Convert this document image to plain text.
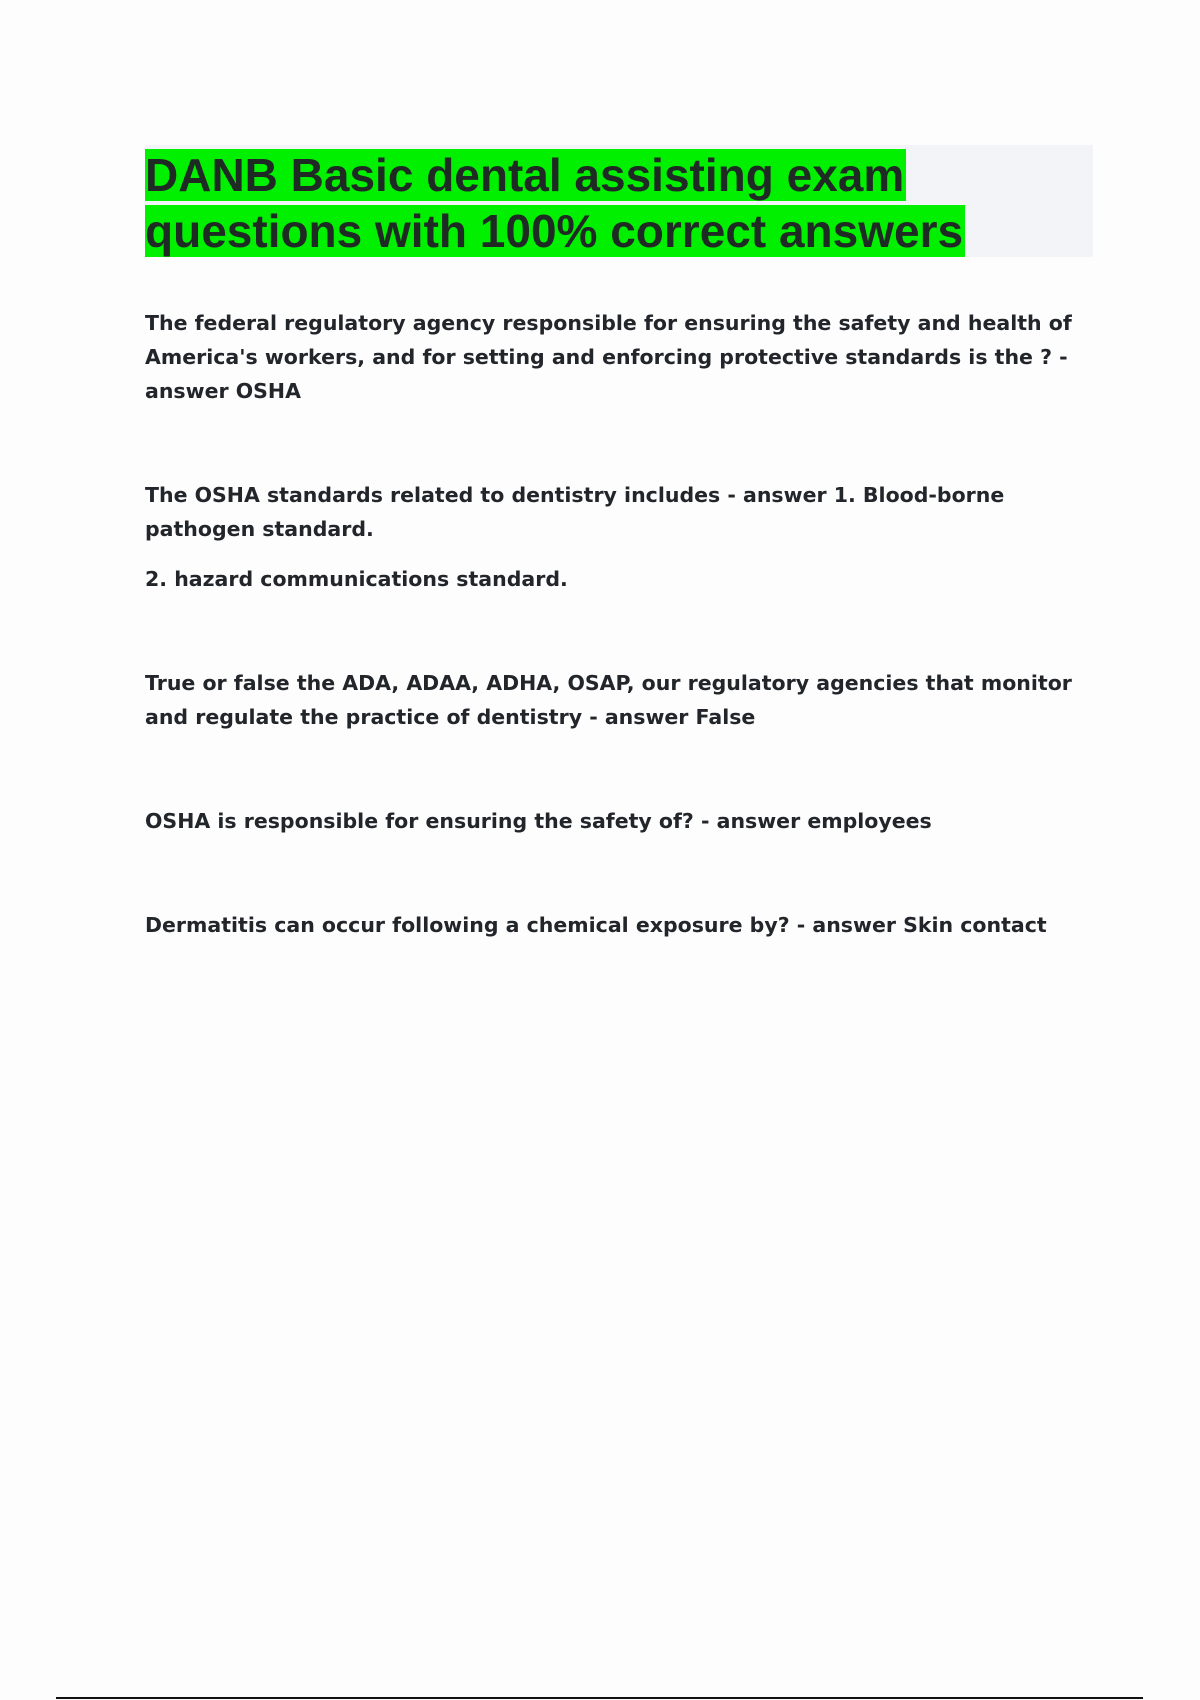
DANB Basic dental assisting exam questions with 100% correct answers

The federal regulatory agency responsible for ensuring the safety and health of America's workers, and for setting and enforcing protective standards is the ? - answer OSHA

The OSHA standards related to dentistry includes - answer 1. Blood-borne pathogen standard.

2. hazard communications standard.

True or false the ADA, ADAA, ADHA, OSAP, our regulatory agencies that monitor and regulate the practice of dentistry - answer False

OSHA is responsible for ensuring the safety of? - answer employees

Dermatitis can occur following a chemical exposure by? - answer Skin contact
